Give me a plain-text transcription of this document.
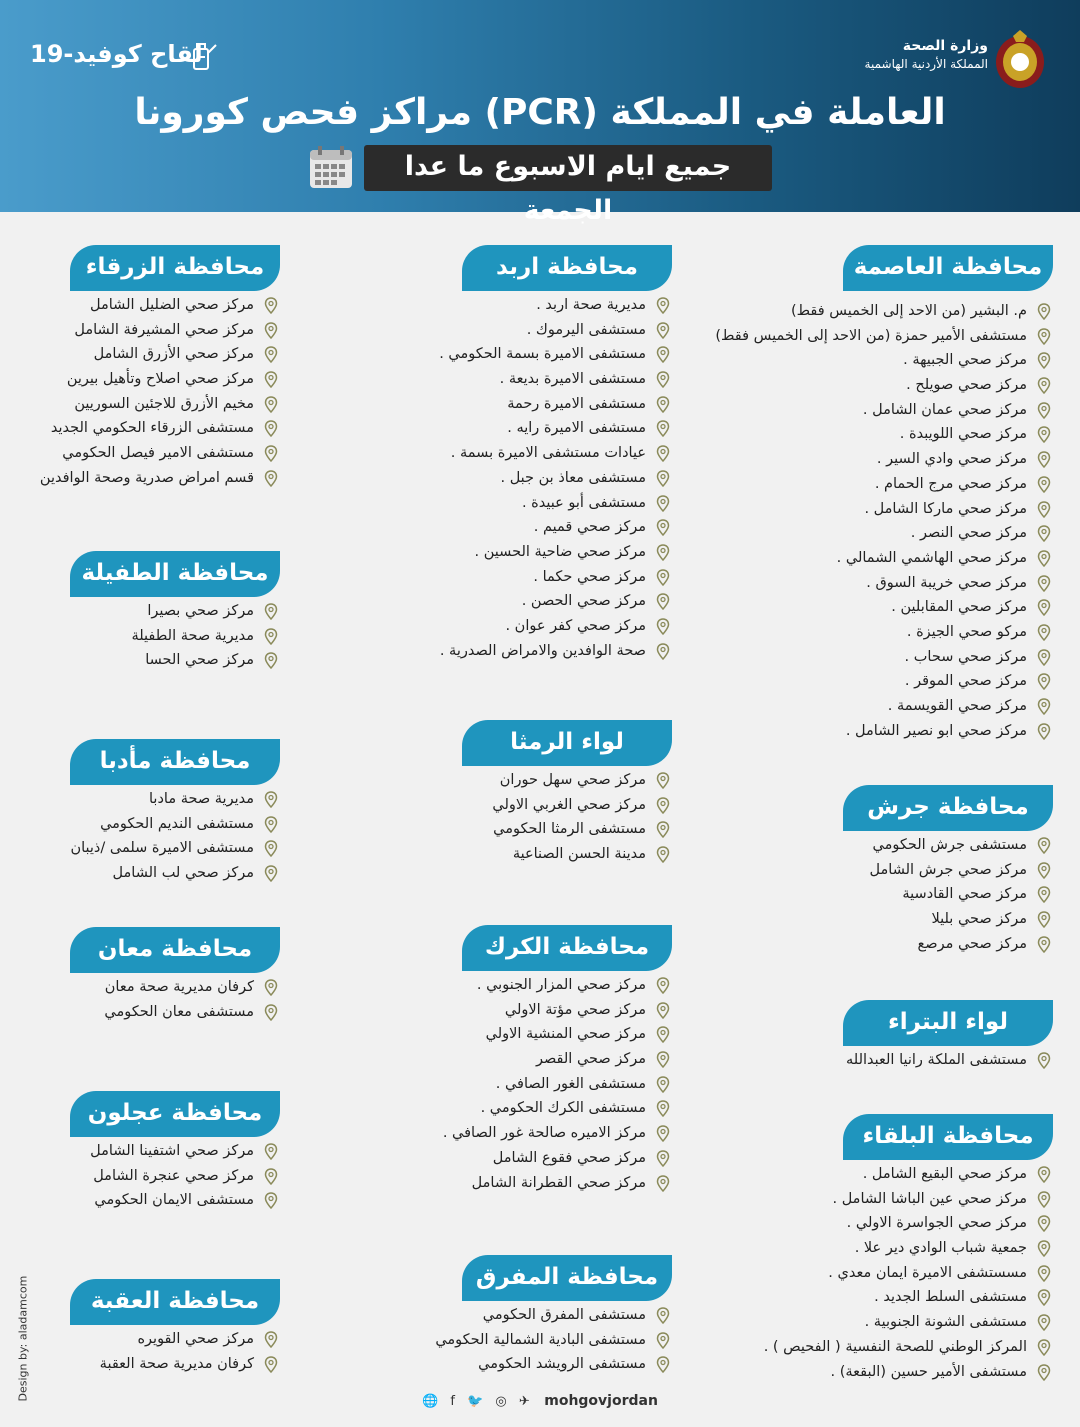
وزارة الصحة
المملكة الأردنية الهاشمية
لقاح كوفيد-19
مراكز فحص كورونا (PCR) العاملة في المملكة
جميع ايام الاسبوع ما عدا الجمعة
محافظة العاصمة
م. البشير (من الاحد إلى الخميس فقط)
مستشفى الأمير حمزة (من الاحد إلى الخميس فقط)
مركز صحي الجبيهة .
مركز صحي صويلح .
مركز صحي عمان الشامل .
مركز صحي اللويبدة .
مركز صحي وادي السير .
مركز صحي مرج الحمام .
مركز صحي ماركا الشامل .
مركز صحي النصر .
مركز صحي الهاشمي الشمالي .
مركز صحي خريبة السوق .
مركز صحي المقابلين .
مركو صحي الجيزة .
مركز صحي سحاب .
مركز صحي الموقر .
مركز صحي القويسمة .
مركز صحي ابو نصير الشامل .
محافظة جرش
مستشفى جرش الحكومي
مركز صحي جرش الشامل
مركز صحي القادسية
مركز صحي بليلا
مركز صحي مرصع
لواء البتراء
مستشفى الملكة رانيا العبدالله
محافظة البلقاء
مركز صحي البقيع الشامل .
مركز صحي عين الباشا الشامل .
مركز صحي الجواسرة الاولي .
جمعية شباب الوادي دير علا .
مسستشفى الاميرة ايمان معدي .
مستشفى السلط الجديد .
مستشفى الشونة الجنوبية .
المركز الوطني للصحة النفسية ( الفحيص ) .
مستشفى الأمير حسين (البقعة) .
محافظة اربد
مديرية صحة اربد .
مستشفى اليرموك .
مستشفى الاميرة بسمة الحكومي .
مستشفى الاميرة بديعة .
مستشفى الاميرة رحمة
مستشفى الاميرة رايه .
عيادات مستشفى الاميرة بسمة .
مستشفى معاذ بن جبل .
مستشفى أبو عبيدة .
مركز صحي قميم .
مركز صحي ضاحية الحسين .
مركز صحي حكما .
مركز صحي الحصن .
مركز صحي كفر عوان .
صحة الوافدين والامراض الصدرية .
لواء الرمثا
مركز صحي سهل حوران
مركز صحي الغربي الاولي
مستشفى الرمثا الحكومي
مدينة الحسن الصناعية
محافظة الكرك
مركز صحي المزار الجنوبي .
مركز صحي مؤتة الاولي
مركز صحي المنشية الاولي
مركز صحي القصر
مستشفى الغور الصافي .
مستشفى الكرك الحكومي .
مركز الاميره صالحة غور الصافي .
مركز صحي فقوع الشامل
مركز صحي القطرانة الشامل
محافظة المفرق
مستشفى المفرق الحكومي
مستشفى البادية الشمالية الحكومي
مستشفى الرويشد الحكومي
محافظة الزرقاء
مركز صحي الضليل الشامل
مركز صحي المشيرفة الشامل
مركز صحي الأزرق الشامل
مركز صحي اصلاح وتأهيل بيرين
مخيم الأزرق للاجئين السوريين
مستشفى الزرقاء الحكومي الجديد
مستشفى الامير فيصل الحكومي
قسم امراض صدرية وصحة الوافدين
محافظة الطفيلة
مركز صحي بصيرا
مديرية صحة الطفيلة
مركز صحي الحسا
محافظة مأدبا
مديرية صحة مادبا
مستشفى النديم الحكومي
مستشفى الاميرة سلمى /ذيبان
مركز صحي لب الشامل
محافظة معان
كرفان مديرية صحة معان
مستشفى معان الحكومي
محافظة عجلون
مركز صحي اشتفينا الشامل
مركز صحي عنجرة الشامل
مستشفى الايمان الحكومي
محافظة العقبة
مركز صحي القويره
كرفان مديرية صحة العقبة
🌐 f 🐦 ◎ ✈ mohgovjordan
Design by: aladamcom
